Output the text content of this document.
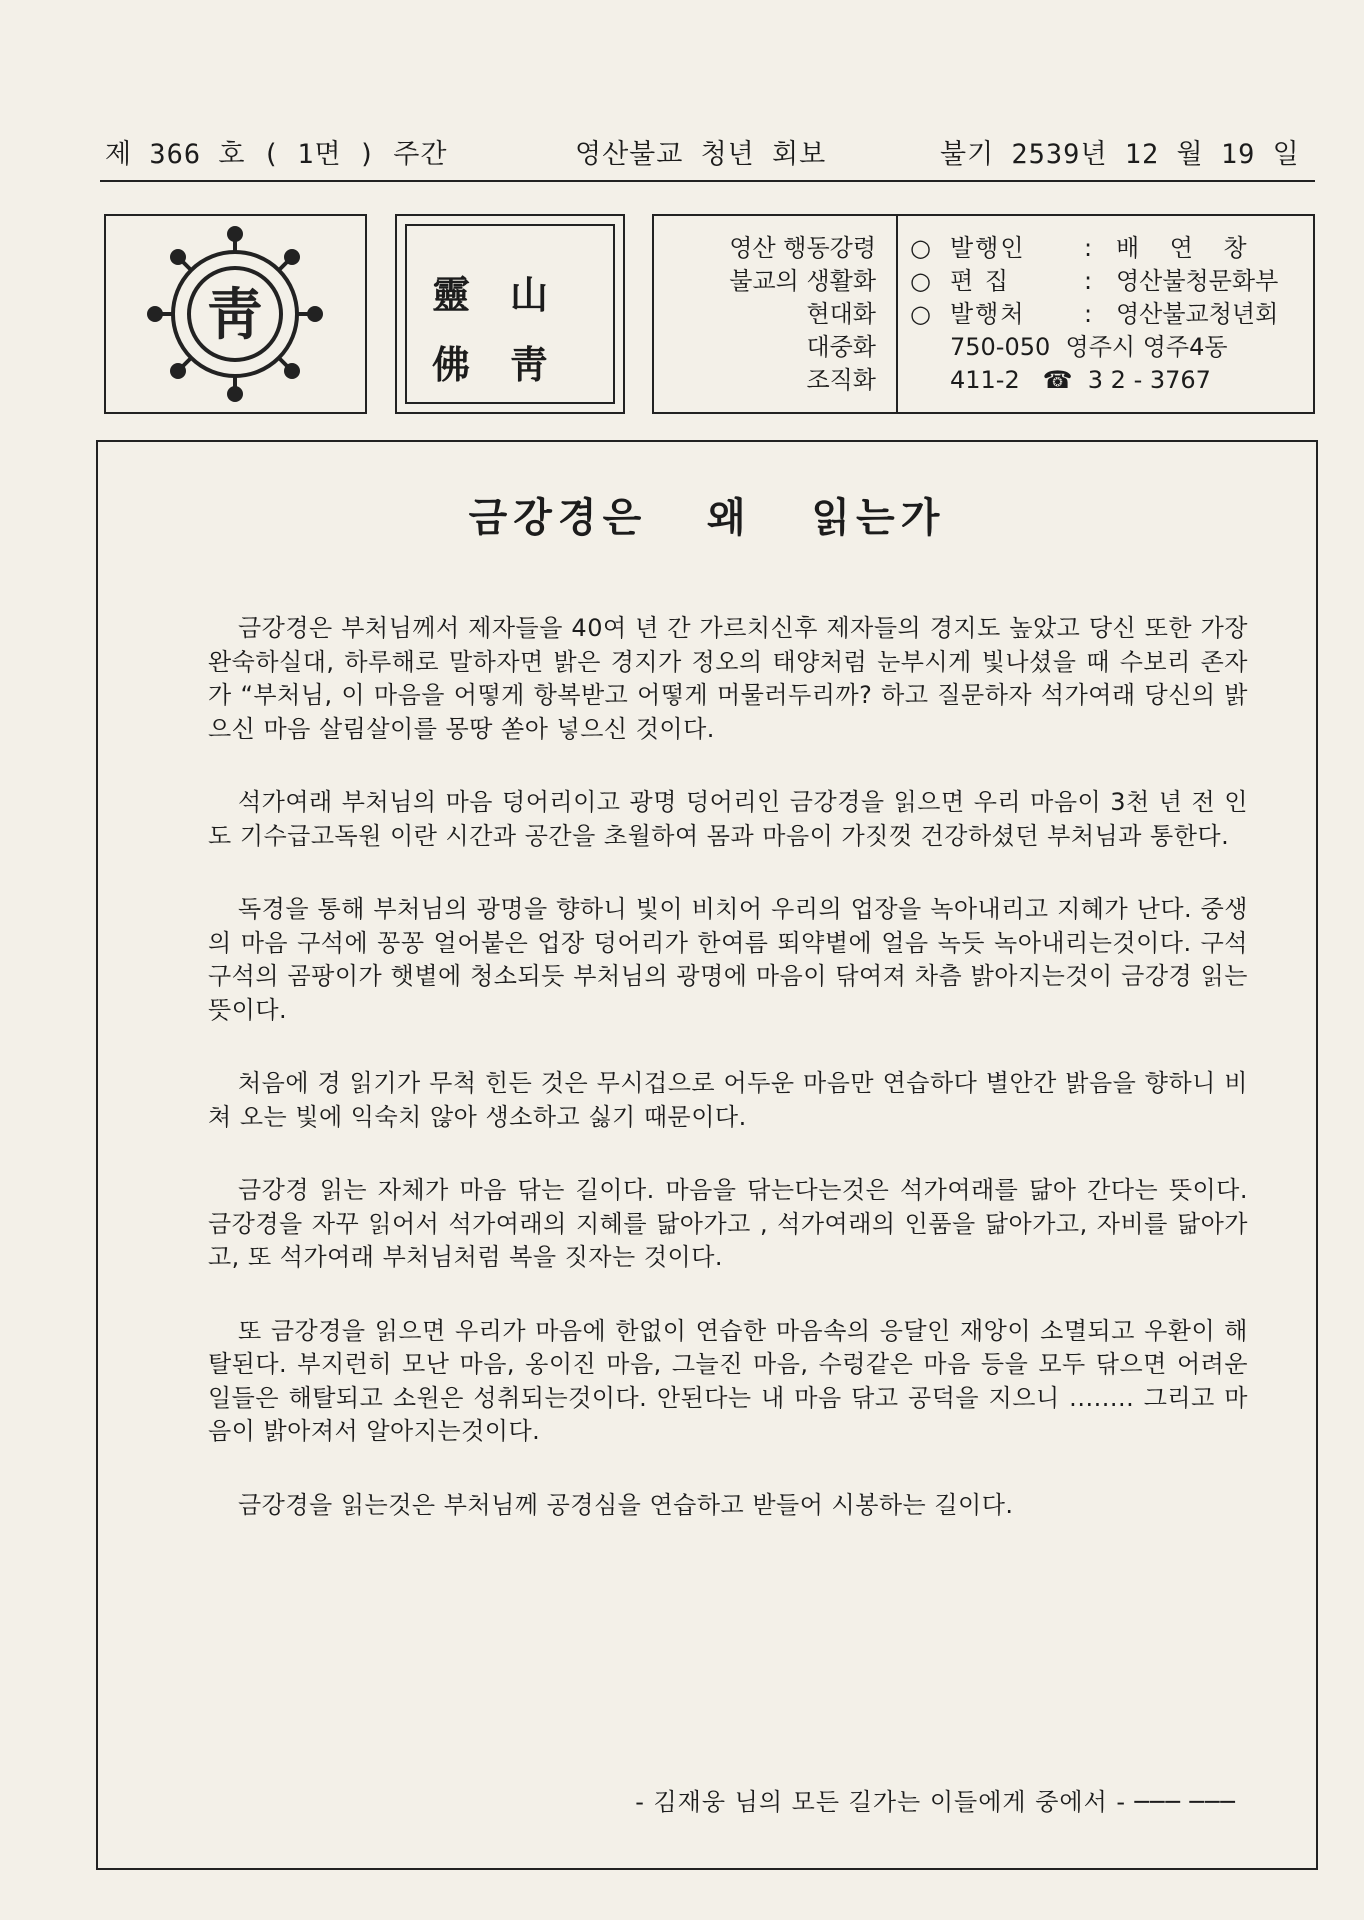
제 366 호 ( 1면 ) 주간	영산불교 청년 회보	불기 2539년 12 월 19 일
靑	靈山
佛靑
영산 행동강령
불교의 생활화
현대화
대중화
조직화
○ 발행인	: 배    연    창
○ 편 집	: 영산불청문화부
○ 발행처	: 영산불교청년회
750-050  영주시 영주4동
411-2   ☎  3 2 - 3767
금강경은   왜   읽는가

금강경은 부처님께서 제자들을 40여 년 간 가르치신후 제자들의 경지도 높았고 당신 또한 가장 완숙하실대, 하루해로 말하자면 밝은 경지가 정오의 태양처럼 눈부시게 빛나셨을 때 수보리 존자가 “부처님, 이 마음을 어떻게 항복받고 어떻게 머물러두리까? 하고 질문하자 석가여래 당신의 밝으신 마음 살림살이를 몽땅 쏟아 넣으신 것이다.

석가여래 부처님의 마음 덩어리이고 광명 덩어리인 금강경을 읽으면 우리 마음이 3천 년 전 인도 기수급고독원 이란 시간과 공간을 초월하여 몸과 마음이 가짓껏 건강하셨던 부처님과 통한다.

독경을 통해 부처님의 광명을 향하니 빛이 비치어 우리의 업장을 녹아내리고 지혜가 난다. 중생의 마음 구석에 꽁꽁 얼어붙은 업장 덩어리가 한여름 뙤약볕에 얼음 녹듯 녹아내리는것이다. 구석구석의 곰팡이가 햇볕에 청소되듯 부처님의 광명에 마음이 닦여져 차츰 밝아지는것이 금강경 읽는 뜻이다.

처음에 경 읽기가 무척 힌든 것은 무시겁으로 어두운 마음만 연습하다 별안간 밝음을 향하니 비쳐 오는 빛에 익숙치 않아 생소하고 싫기 때문이다.

금강경 읽는 자체가 마음 닦는 길이다. 마음을 닦는다는것은 석가여래를 닮아 간다는 뜻이다. 금강경을 자꾸 읽어서 석가여래의 지혜를 닮아가고 , 석가여래의 인품을 닮아가고, 자비를 닮아가고, 또 석가여래 부처님처럼 복을 짓자는 것이다.

또 금강경을 읽으면 우리가 마음에 한없이 연습한 마음속의 응달인 재앙이 소멸되고 우환이 해탈된다. 부지런히 모난 마음, 옹이진 마음, 그늘진 마음, 수렁같은 마음 등을 모두 닦으면 어려운 일들은 해탈되고 소원은 성취되는것이다. 안된다는 내 마음 닦고 공덕을 지으니 ........ 그리고 마음이 밝아져서 알아지는것이다.

금강경을 읽는것은 부처님께 공경심을 연습하고 받들어 시봉하는 길이다.

- 김재웅 님의 모든 길가는 이들에게 중에서 - ─── ───
